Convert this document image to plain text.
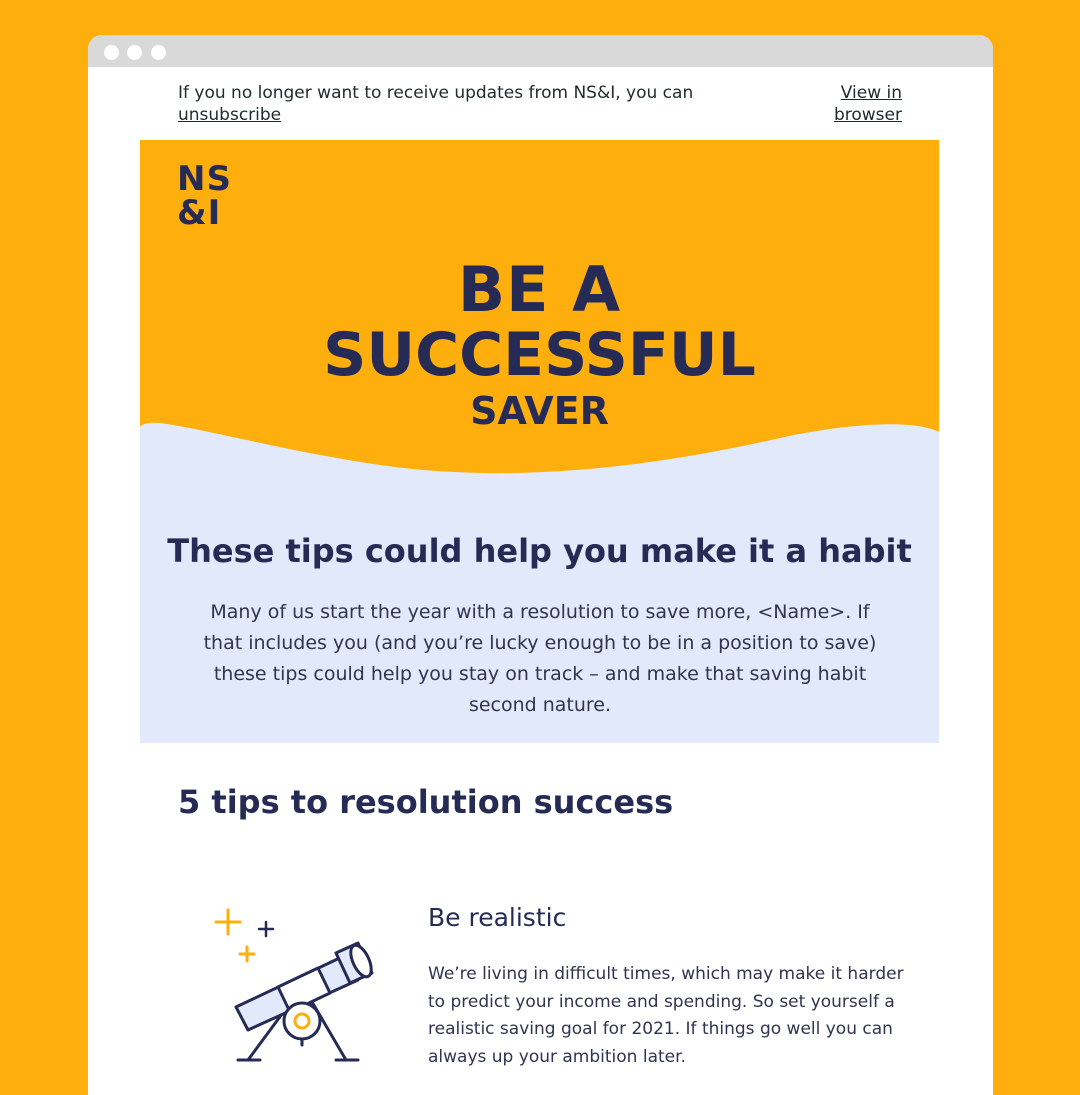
If you no longer want to receive updates from NS&I, you can
unsubscribe
View in
browser
NS
&I
BE A
SUCCESSFUL
SAVER
These tips could help you make it a habit
Many of us start the year with a resolution to save more, <Name>. If that includes you (and you’re lucky enough to be in a position to save) these tips could help you stay on track – and make that saving habit second nature.
5 tips to resolution success
Be realistic
We’re living in difficult times, which may make it harder to predict your income and spending. So set yourself a realistic saving goal for 2021. If things go well you can always up your ambition later.
